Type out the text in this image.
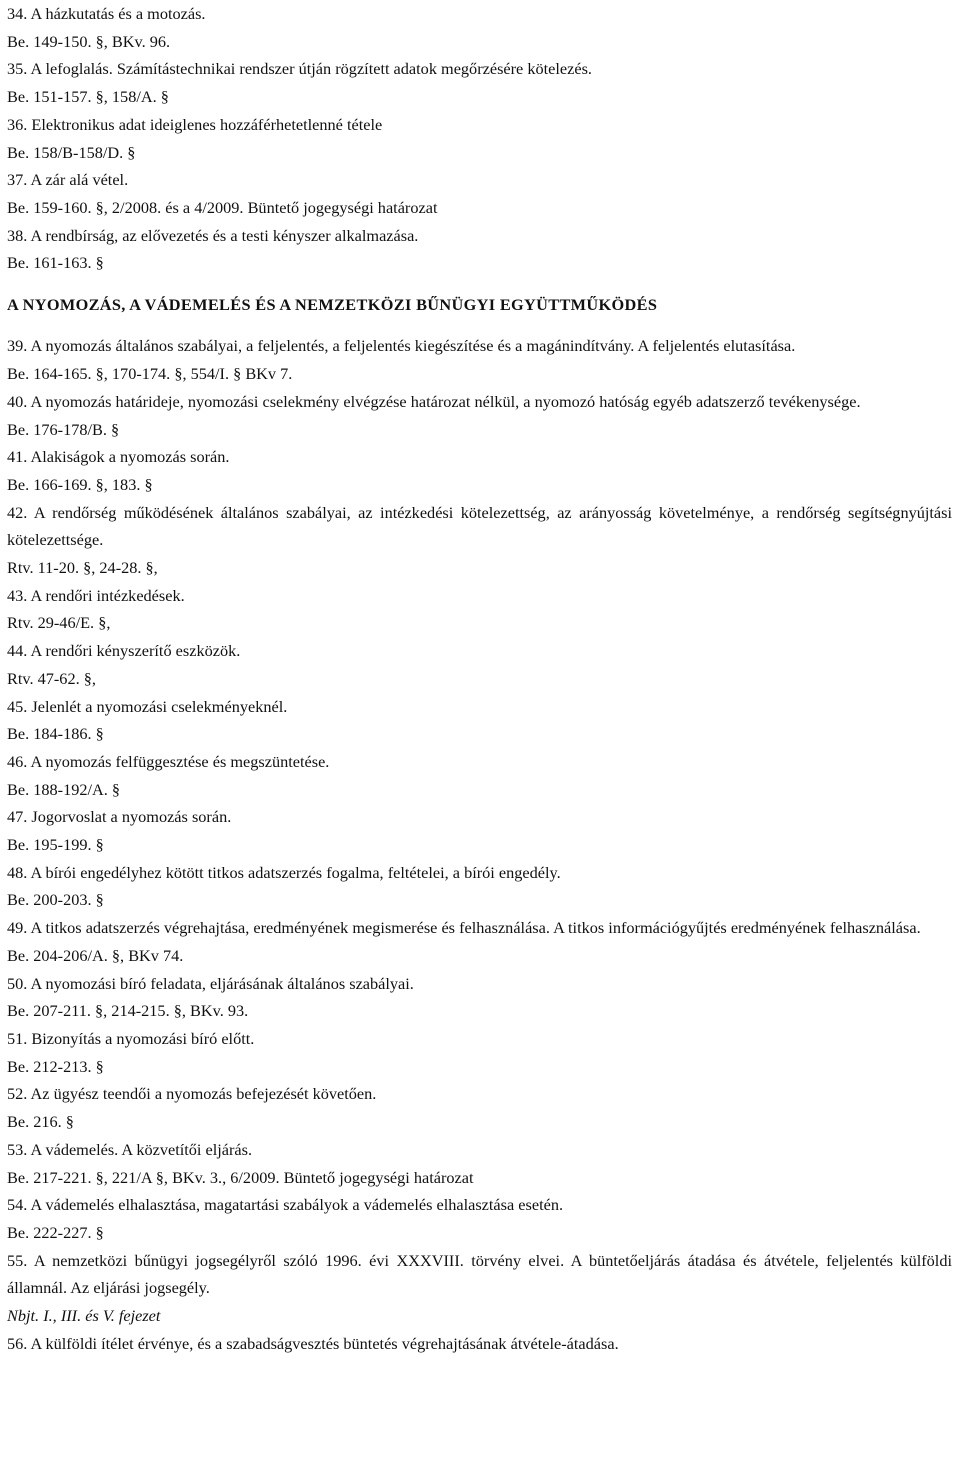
34. A házkutatás és a motozás.
Be. 149-150. §, BKv. 96.
35. A lefoglalás. Számítástechnikai rendszer útján rögzített adatok megőrzésére kötelezés.
Be. 151-157. §, 158/A. §
36. Elektronikus adat ideiglenes hozzáférhetetlenné tétele
Be. 158/B-158/D. §
37. A zár alá vétel.
Be. 159-160. §, 2/2008. és a 4/2009. Büntető jogegységi határozat
38. A rendbírság, az elővezetés és a testi kényszer alkalmazása.
Be. 161-163. §
A NYOMOZÁS, A VÁDEMELÉS ÉS A NEMZETKÖZI BŰNÜGYI EGYÜTTMŰKÖDÉS
39. A nyomozás általános szabályai, a feljelentés, a feljelentés kiegészítése és a magánindítvány. A feljelentés elutasítása.
Be. 164-165. §, 170-174. §, 554/I. § BKv 7.
40. A nyomozás határideje, nyomozási cselekmény elvégzése határozat nélkül, a nyomozó hatóság egyéb adatszerző tevékenysége.
Be. 176-178/B. §
41. Alakiságok a nyomozás során.
Be. 166-169. §, 183. §
42. A rendőrség működésének általános szabályai, az intézkedési kötelezettség, az arányosság követelménye, a rendőrség segítségnyújtási kötelezettsége.
Rtv. 11-20. §, 24-28. §,
43. A rendőri intézkedések.
Rtv. 29-46/E. §,
44. A rendőri kényszerítő eszközök.
Rtv. 47-62. §,
45. Jelenlét a nyomozási cselekményeknél.
Be. 184-186. §
46. A nyomozás felfüggesztése és megszüntetése.
Be. 188-192/A. §
47. Jogorvoslat a nyomozás során.
Be. 195-199. §
48. A bírói engedélyhez kötött titkos adatszerzés fogalma, feltételei, a bírói engedély.
Be. 200-203. §
49. A titkos adatszerzés végrehajtása, eredményének megismerése és felhasználása. A titkos információgyűjtés eredményének felhasználása.
Be. 204-206/A. §, BKv 74.
50. A nyomozási bíró feladata, eljárásának általános szabályai.
Be. 207-211. §, 214-215. §, BKv. 93.
51. Bizonyítás a nyomozási bíró előtt.
Be. 212-213. §
52. Az ügyész teendői a nyomozás befejezését követően.
Be. 216. §
53. A vádemelés. A közvetítői eljárás.
Be. 217-221. §, 221/A §, BKv. 3., 6/2009. Büntető jogegységi határozat
54. A vádemelés elhalasztása, magatartási szabályok a vádemelés elhalasztása esetén.
Be. 222-227. §
55. A nemzetközi bűnügyi jogsegélyről szóló 1996. évi XXXVIII. törvény elvei. A büntetőeljárás átadása és átvétele, feljelentés külföldi államnál. Az eljárási jogsegély.
Nbjt. I., III. és V. fejezet
56. A külföldi ítélet érvénye, és a szabadságvesztés büntetés végrehajtásának átvétele-átadása.
